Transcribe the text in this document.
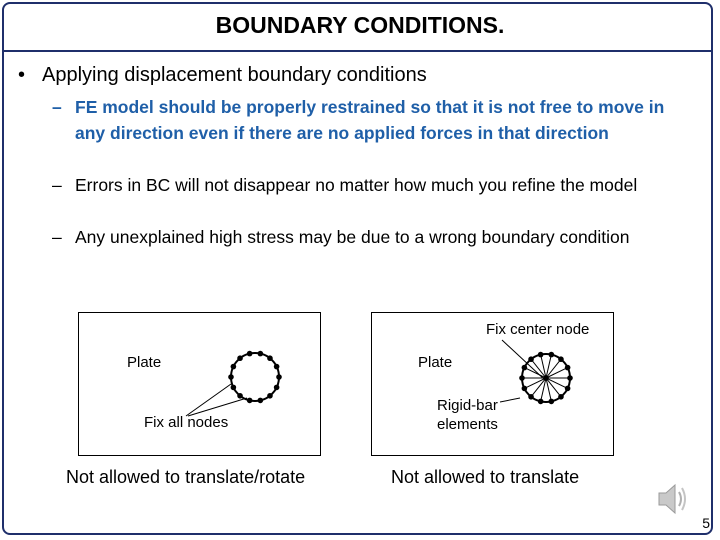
BOUNDARY CONDITIONS.
• Applying displacement boundary conditions
– FE model should be properly restrained so that it is not free to move in any direction even if there are no applied forces in that direction
– Errors in BC will not disappear no matter how much you refine the model
– Any unexplained high stress may be due to a wrong boundary condition
Plate
Fix all nodes
Not allowed to translate/rotate
Fix center node
Plate
Rigid-bar
elements
Not allowed to translate
5
